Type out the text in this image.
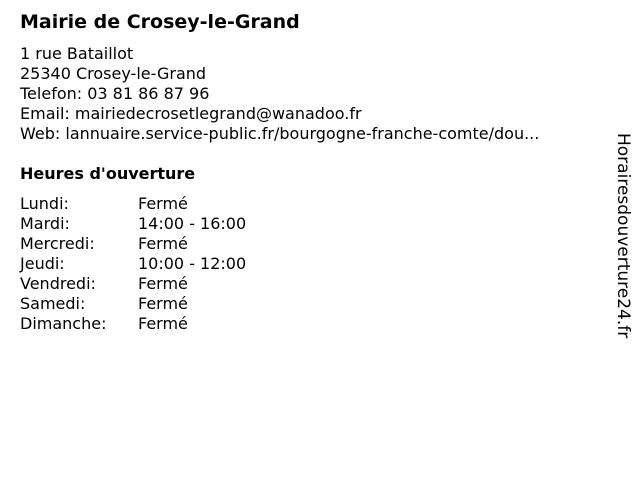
Mairie de Crosey-le-Grand
1 rue Bataillot
25340 Crosey-le-Grand
Telefon: 03 81 86 87 96
Email: mairiedecrosetlegrand@wanadoo.fr
Web: lannuaire.service-public.fr/bourgogne-franche-comte/dou...
Heures d'ouverture
Lundi:	Fermé
Mardi:	14:00 - 16:00
Mercredi:	Fermé
Jeudi:	10:00 - 12:00
Vendredi:	Fermé
Samedi:	Fermé
Dimanche:	Fermé	Horairesdouverture24.fr
